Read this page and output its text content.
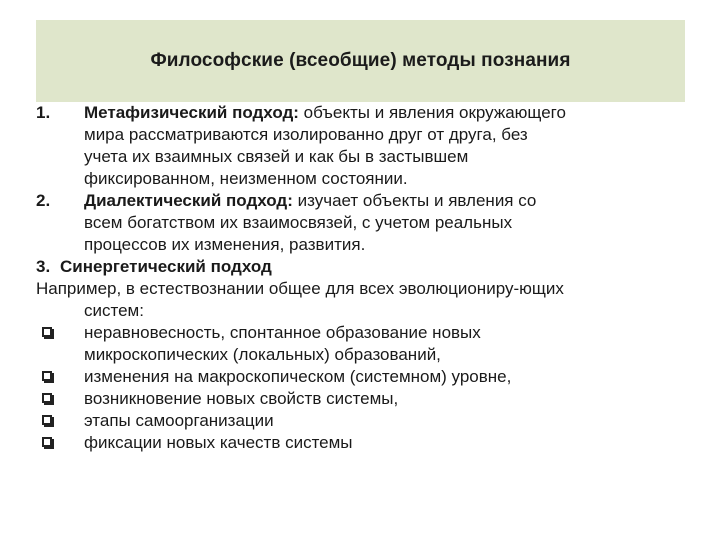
Философские (всеобщие) методы познания
1.	Метафизический подход: объекты и явления окружающего
мира рассматриваются изолированно друг от друга, без
учета их взаимных связей и как бы в застывшем
фиксированном, неизменном состоянии.
2.	Диалектический подход: изучает объекты и явления со
всем богатством их взаимосвязей, с учетом реальных
процессов их изменения, развития.
3. Синергетический подход
Например, в естествознании общее для всех эволюциониру-ющих
систем:
неравновесность, спонтанное образование новых
микроскопических (локальных) образований,
изменения на макроскопическом (системном) уровне,
возникновение новых свойств системы,
этапы самоорганизации
фиксации новых качеств системы
